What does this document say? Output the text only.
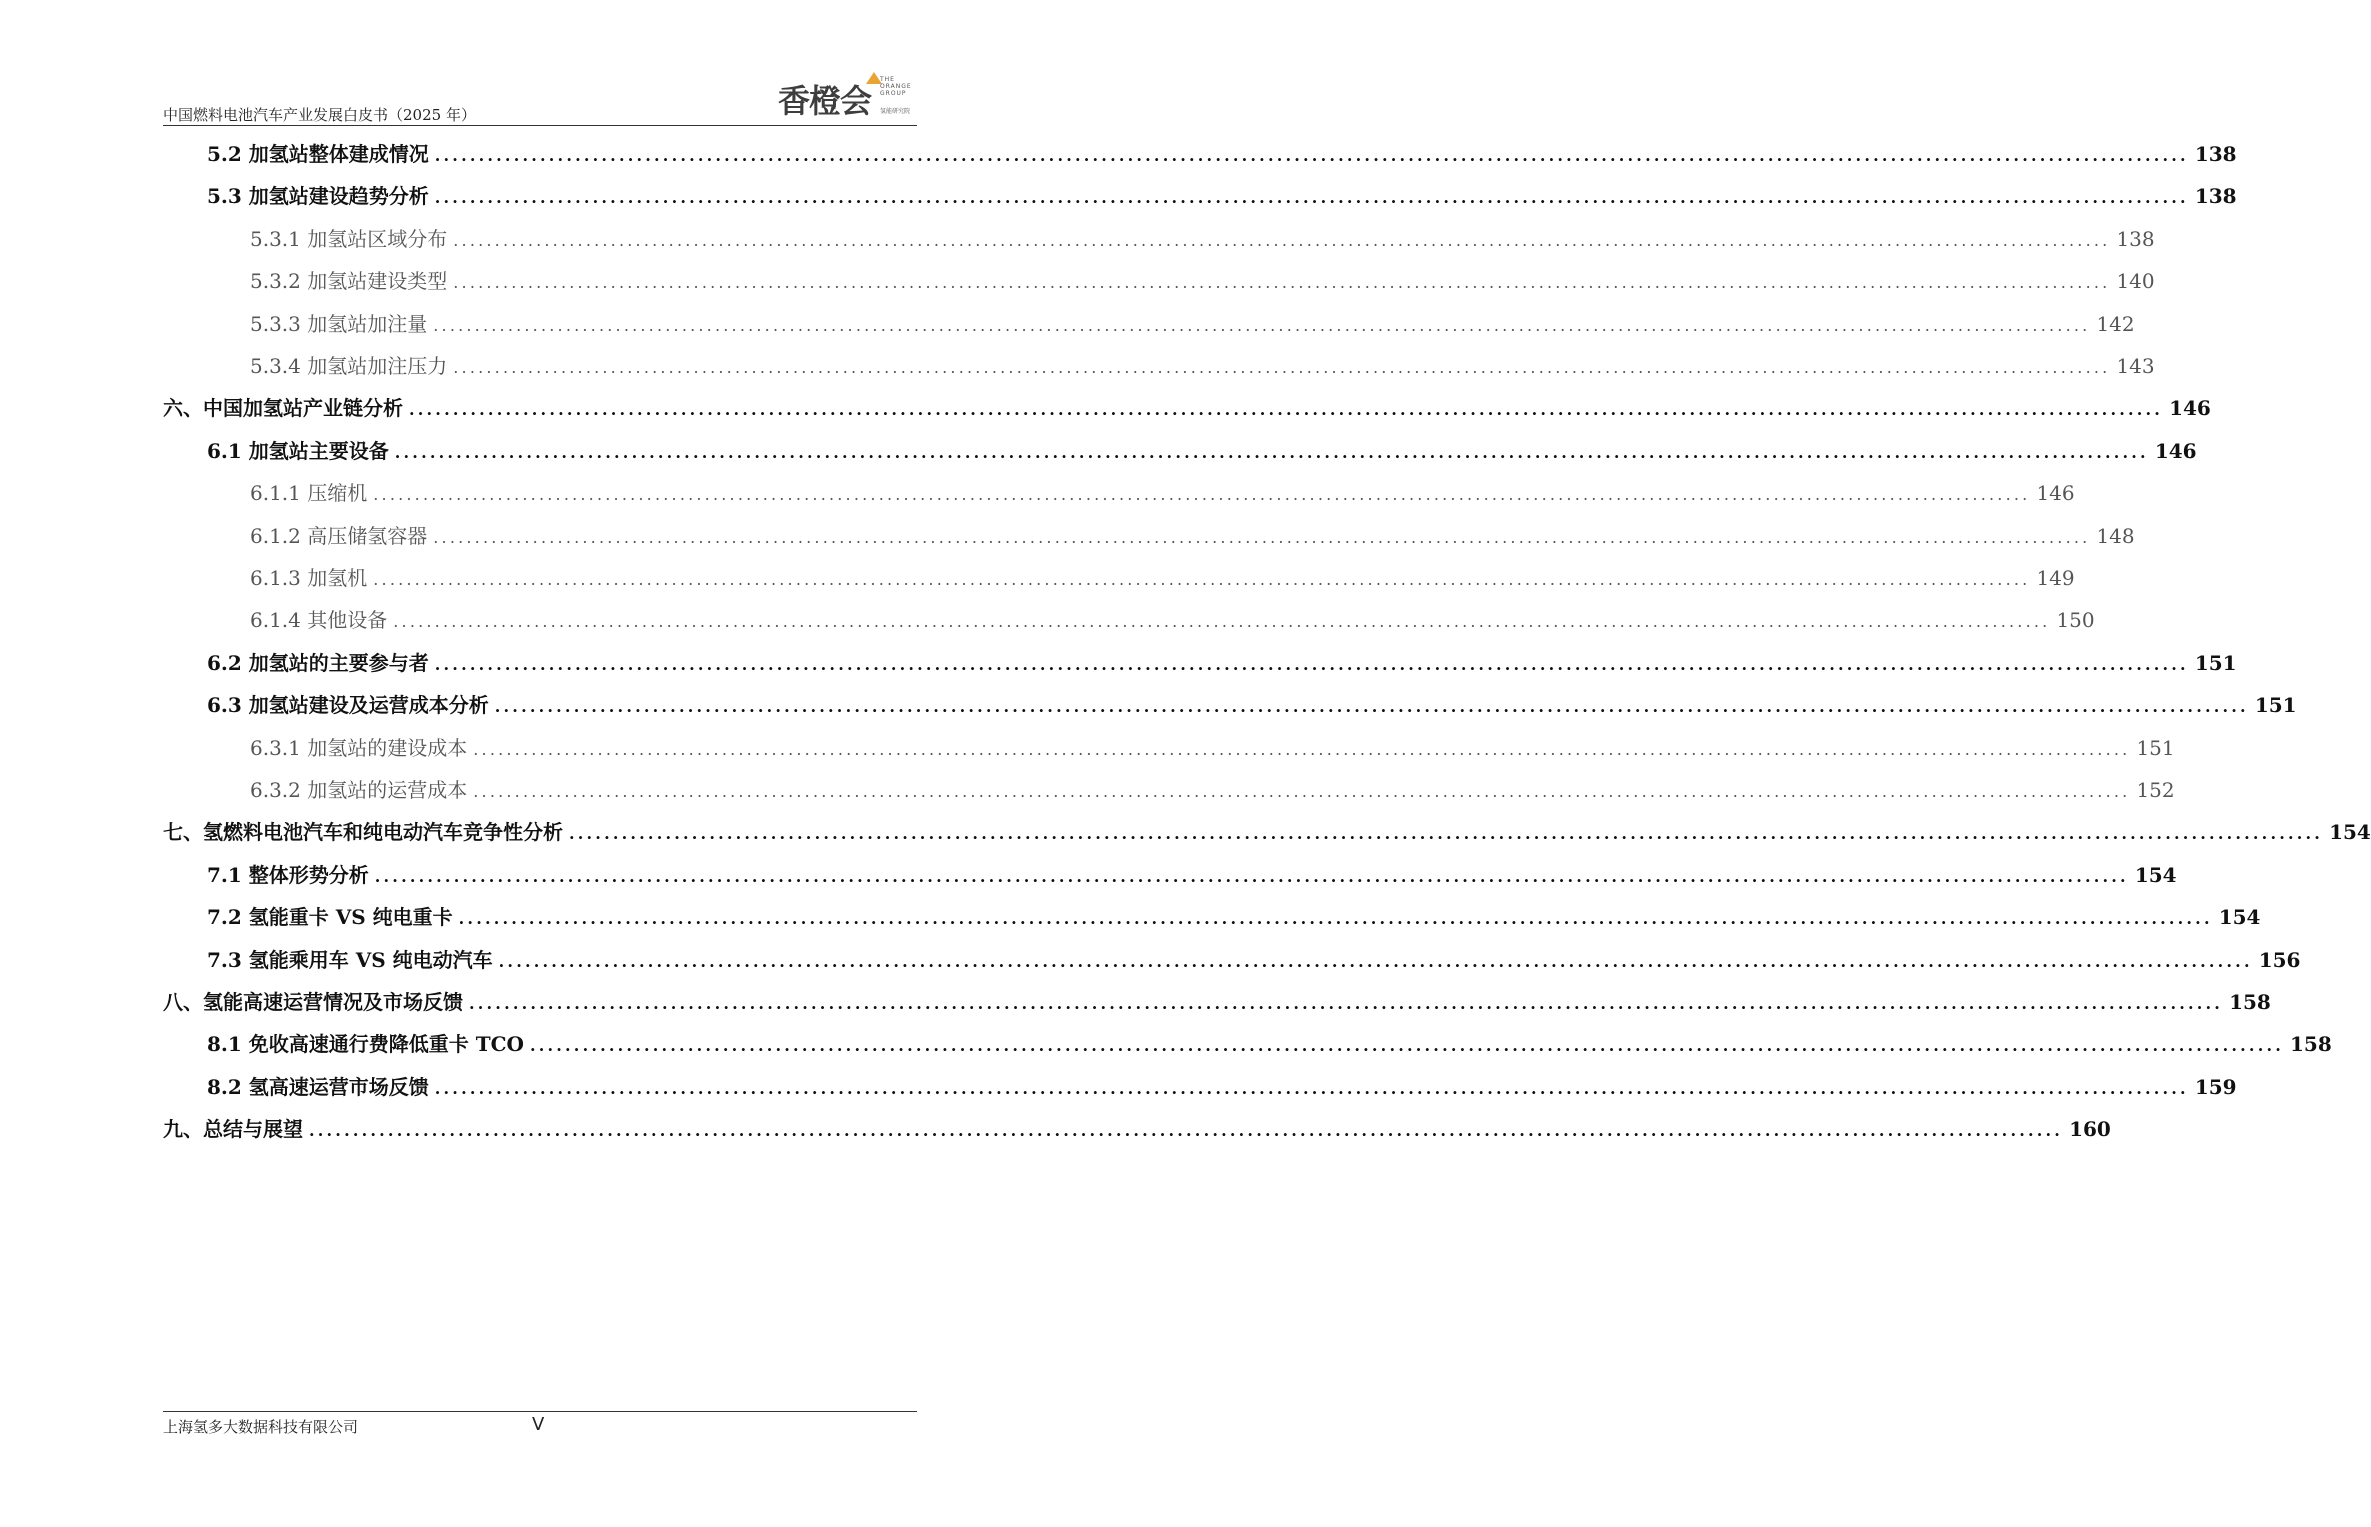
中国燃料电池汽车产业发展白皮书（2025 年）	香橙会
THE ORANGE GROUP
氢能研究院
5.2 加氢站整体建成情况 ........................................................................................................................................................................................................ 138
5.3 加氢站建设趋势分析 ........................................................................................................................................................................................................ 138
5.3.1 加氢站区域分布 ........................................................................................................................................................................................................ 138
5.3.2 加氢站建设类型 ........................................................................................................................................................................................................ 140
5.3.3 加氢站加注量 ........................................................................................................................................................................................................ 142
5.3.4 加氢站加注压力 ........................................................................................................................................................................................................ 143
六、中国加氢站产业链分析 ........................................................................................................................................................................................................ 146
6.1 加氢站主要设备 ........................................................................................................................................................................................................ 146
6.1.1 压缩机 ........................................................................................................................................................................................................ 146
6.1.2 高压储氢容器 ........................................................................................................................................................................................................ 148
6.1.3 加氢机 ........................................................................................................................................................................................................ 149
6.1.4 其他设备 ........................................................................................................................................................................................................ 150
6.2 加氢站的主要参与者 ........................................................................................................................................................................................................ 151
6.3 加氢站建设及运营成本分析 ........................................................................................................................................................................................................ 151
6.3.1 加氢站的建设成本 ........................................................................................................................................................................................................ 151
6.3.2 加氢站的运营成本 ........................................................................................................................................................................................................ 152
七、氢燃料电池汽车和纯电动汽车竞争性分析 ........................................................................................................................................................................................................ 154
7.1 整体形势分析 ........................................................................................................................................................................................................ 154
7.2 氢能重卡 VS 纯电重卡 ........................................................................................................................................................................................................ 154
7.3 氢能乘用车 VS 纯电动汽车 ........................................................................................................................................................................................................ 156
八、氢能高速运营情况及市场反馈 ........................................................................................................................................................................................................ 158
8.1 免收高速通行费降低重卡 TCO ........................................................................................................................................................................................................ 158
8.2 氢高速运营市场反馈 ........................................................................................................................................................................................................ 159
九、总结与展望 ........................................................................................................................................................................................................ 160
上海氢多大数据科技有限公司	V
